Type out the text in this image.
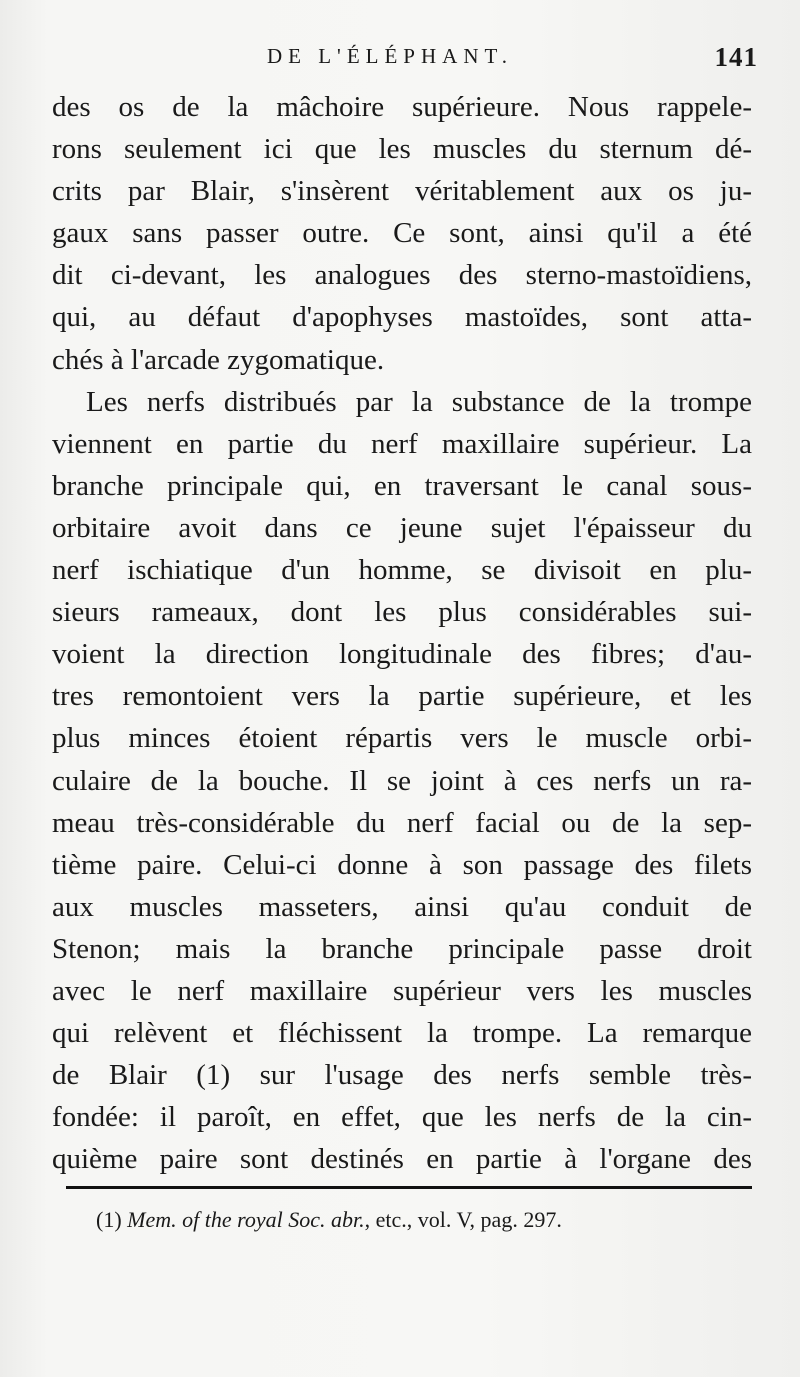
DE L'ÉLÉPHANT.	141
des os de la mâchoire supérieure. Nous rappele-
rons seulement ici que les muscles du sternum dé-
crits par Blair, s'insèrent véritablement aux os ju-
gaux sans passer outre. Ce sont, ainsi qu'il a été
dit ci-devant, les analogues des sterno-mastoïdiens,
qui, au défaut d'apophyses mastoïdes, sont atta-
chés à l'arcade zygomatique.
Les nerfs distribués par la substance de la trompe
viennent en partie du nerf maxillaire supérieur. La
branche principale qui, en traversant le canal sous-
orbitaire avoit dans ce jeune sujet l'épaisseur du
nerf ischiatique d'un homme, se divisoit en plu-
sieurs rameaux, dont les plus considérables sui-
voient la direction longitudinale des fibres; d'au-
tres remontoient vers la partie supérieure, et les
plus minces étoient répartis vers le muscle orbi-
culaire de la bouche. Il se joint à ces nerfs un ra-
meau très-considérable du nerf facial ou de la sep-
tième paire. Celui-ci donne à son passage des filets
aux muscles masseters, ainsi qu'au conduit de
Stenon; mais la branche principale passe droit
avec le nerf maxillaire supérieur vers les muscles
qui relèvent et fléchissent la trompe. La remarque
de Blair (1) sur l'usage des nerfs semble très-
fondée: il paroît, en effet, que les nerfs de la cin-
quième paire sont destinés en partie à l'organe des
(1) Mem. of the royal Soc. abr., etc., vol. V, pag. 297.
